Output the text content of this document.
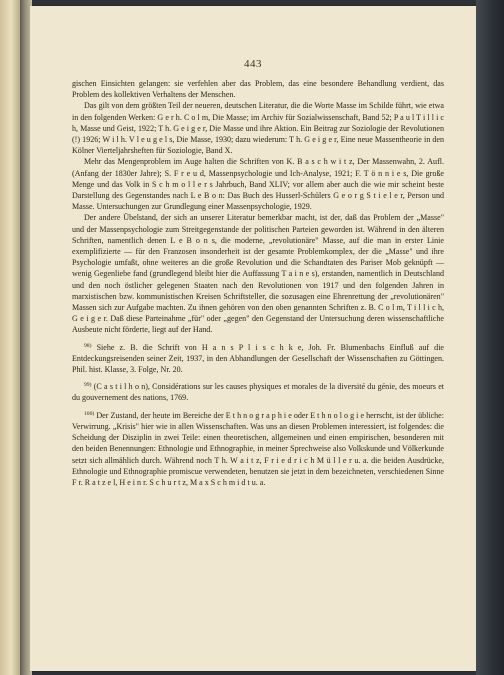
443

gischen Einsichten gelangen: sie verfehlen aber das Problem, das eine besondere Behandlung verdient, das Problem des kollektiven Verhaltens der Menschen.

Das gilt von dem größten Teil der neueren, deutschen Literatur, die die Worte Masse im Schilde führt, wie etwa in den folgenden Werken: G e r h. C o l m, Die Masse; im Archiv für Sozialwissenschaft, Band 52; P a u l T i l l i c h, Masse und Geist, 1922; T h. G e i g e r, Die Masse und ihre Aktion. Ein Beitrag zur Soziologie der Revolutionen (!) 1926; W i l h. V l e u g e l s, Die Masse, 1930; dazu wiederum: T h. G e i g e r, Eine neue Massentheorie in den Kölner Vierteljahrsheften für Soziologie, Band X.

Mehr das Mengenproblem im Auge halten die Schriften von K. B a s c h w i t z, Der Massenwahn, 2. Aufl. (Anfang der 1830er Jahre); S. F r e u d, Massenpsychologie und Ich-Analyse, 1921; F. T ö n n i e s, Die große Menge und das Volk in S c h m o l l e r s Jahrbuch, Band XLIV; vor allem aber auch die wie mir scheint beste Darstellung des Gegenstandes nach L e B o n: Das Buch des Husserl-Schülers G e o r g S t i e l e r, Person und Masse. Untersuchungen zur Grundlegung einer Massenpsychologie, 1929.

Der andere Übelstand, der sich an unserer Literatur bemerkbar macht, ist der, daß das Problem der „Masse" und der Massenpsychologie zum Streitgegenstande der politischen Parteien geworden ist. Während in den älteren Schriften, namentlich denen L e B o n s, die moderne, „revolutionäre" Masse, auf die man in erster Linie exemplifizierte — für den Franzosen insonderheit ist der gesamte Problemkomplex, der die „Masse" und ihre Psychologie umfaßt, ohne weiteres an die große Revolution und die Schandtaten des Pariser Mob geknüpft — wenig Gegenliebe fand (grundlegend bleibt hier die Auffassung T a i n e s), erstanden, namentlich in Deutschland und den noch östlicher gelegenen Staaten nach den Revolutionen von 1917 und den folgenden Jahren in marxistischen bzw. kommunistischen Kreisen Schriftsteller, die sozusagen eine Ehrenrettung der „revolutionären" Massen sich zur Aufgabe machten. Zu ihnen gehören von den oben genannten Schriften z. B. C o l m, T i l l i c h, G e i g e r. Daß diese Parteinahme „für" oder „gegen" den Gegenstand der Untersuchung deren wissenschaftliche Ausbeute nicht förderte, liegt auf der Hand.

$^{98)}$ Siehe z. B. die Schrift von H a n s P l i s c h k e, Joh. Fr. Blumenbachs Einfluß auf die Entdeckungsreisenden seiner Zeit, 1937, in den Abhandlungen der Gesellschaft der Wissenschaften zu Göttingen. Phil. hist. Klasse, 3. Folge, Nr. 20.

$^{99)}$ (C a s t i l h o n), Considérations sur les causes physiques et morales de la diversité du génie, des moeurs et du gouvernement des nations, 1769.

$^{100)}$ Der Zustand, der heute im Bereiche der E t h n o g r a p h i e oder E t h n o l o g i e herrscht, ist der übliche: Verwirrung. „Krisis" hier wie in allen Wissenschaften. Was uns an diesen Problemen interessiert, ist folgendes: die Scheidung der Disziplin in zwei Teile: einen theoretischen, allgemeinen und einen empirischen, besonderen mit den beiden Benennungen: Ethnologie und Ethnographie, in meiner Sprechweise also Volkskunde und Völkerkunde setzt sich allmählich durch. Während noch T h. W a i t z, F r i e d r i c h M ü l l e r u. a. die beiden Ausdrücke, Ethnologie und Ethnographie promiscue verwendeten, benutzen sie jetzt in dem bezeichneten, verschiedenen Sinne F r. R a t z e l, H e i n r. S c h u r t z, M a x S c h m i d t u. a.
